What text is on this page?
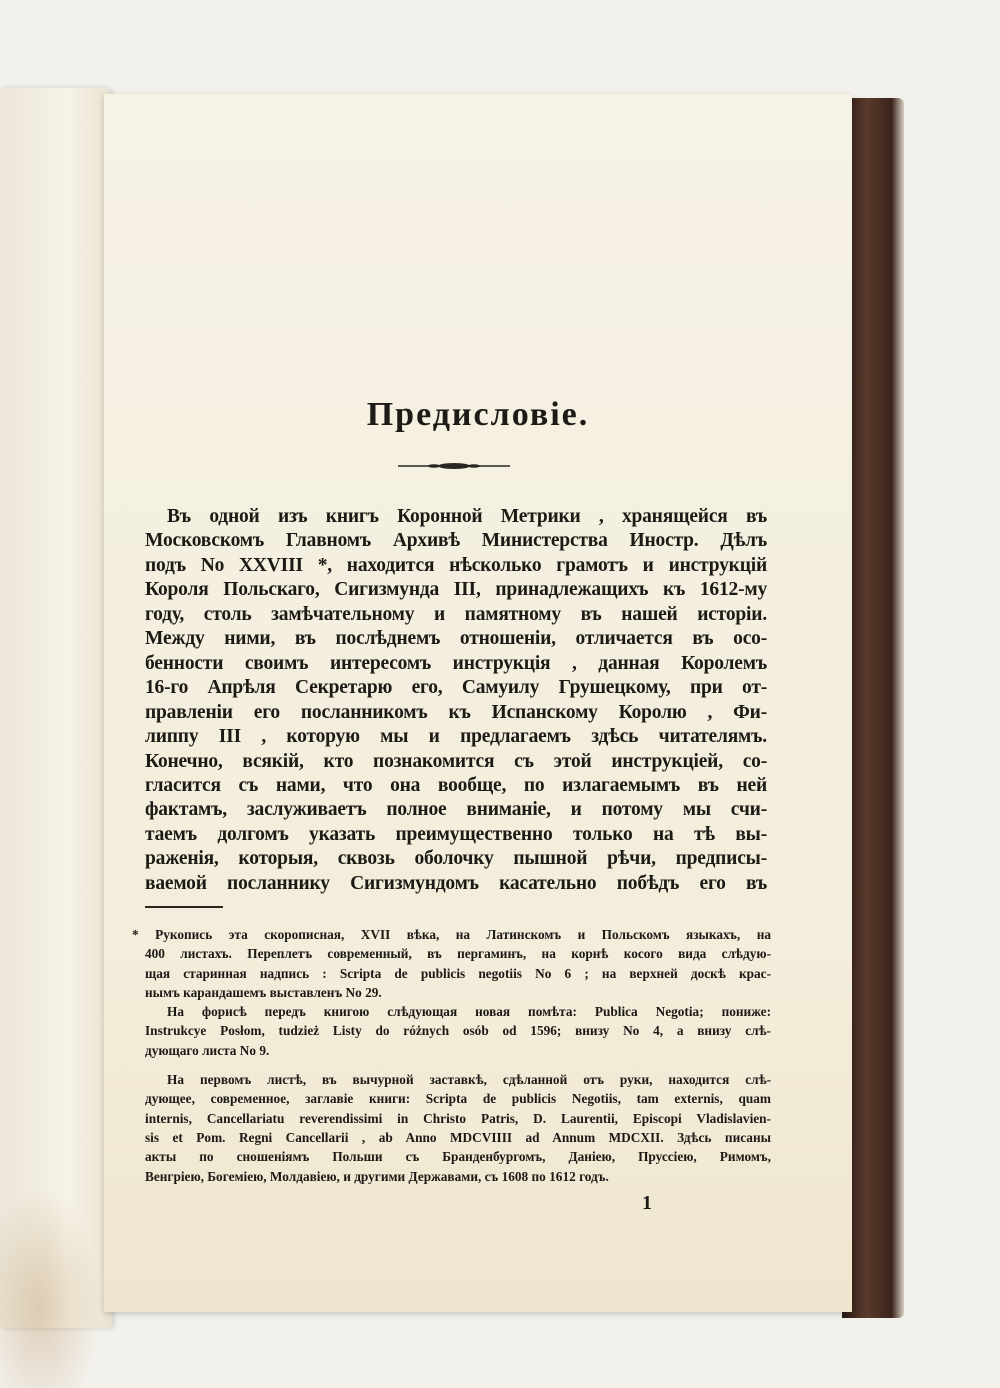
Предисловіе.
1
Въ одной изъ книгъ Коронной Метрики , хранящейся въ
Московскомъ Главномъ Архивѣ Министерства Иностр. Дѣлъ
подъ No XXVIII *, находится нѣсколько грамотъ и инструкцій
Короля Польскаго, Сигизмунда III, принадлежащихъ къ 1612-му
году, столь замѣчательному и памятному въ нашей исторіи.
Между ними, въ послѣднемъ отношеніи, отличается въ осо-
бенности своимъ интересомъ инструкція , данная Королемъ
16-го Апрѣля Секретарю его, Самуилу Грушецкому, при от-
правленіи его посланникомъ къ Испанскому Королю , Фи-
липпу III , которую мы и предлагаемъ здѣсь читателямъ.
Конечно, всякій, кто познакомится съ этой инструкціей, со-
гласится съ нами, что она вообще, по излагаемымъ въ ней
фактамъ, заслуживаетъ полное вниманіе, и потому мы счи-
таемъ долгомъ указать преимущественно только на тѣ вы-
раженія, которыя, сквозь оболочку пышной рѣчи, предписы-
ваемой посланнику Сигизмундомъ касательно побѣдъ его въ
* Рукопись эта скорописная, XVII вѣка, на Латинскомъ и Польскомъ языкахъ, на
400 листахъ. Переплетъ современный, въ пергаминъ, на корнѣ косого вида слѣдую-
щая старинная надпись : Scripta de publicis negotiis No 6 ; на верхней доскѣ крас-
нымъ карандашемъ выставленъ No 29.
На форисѣ передъ книгою слѣдующая новая помѣта: Publica Negotia; пониже:
Instrukcye Posłom, tudzież Listy do różnych osób od 1596; внизу No 4, а внизу слѣ-
дующаго листа No 9.
На первомъ листѣ, въ вычурной заставкѣ, сдѣланной отъ руки, находится слѣ-
дующее, современное, заглавіе книги: Scripta de publicis Negotiis, tam externis, quam
internis, Cancellariatu reverendissimi in Christo Patris, D. Laurentii, Episcopi Vladislavien-
sis et Pom. Regni Cancellarii , ab Anno MDCVIIII ad Annum MDCXII. Здѣсь писаны
акты по сношеніямъ Польши съ Бранденбургомъ, Даніею, Пруссіею, Римомъ,
Венгріею, Богеміею, Молдавіею, и другими Державами, съ 1608 по 1612 годъ.
